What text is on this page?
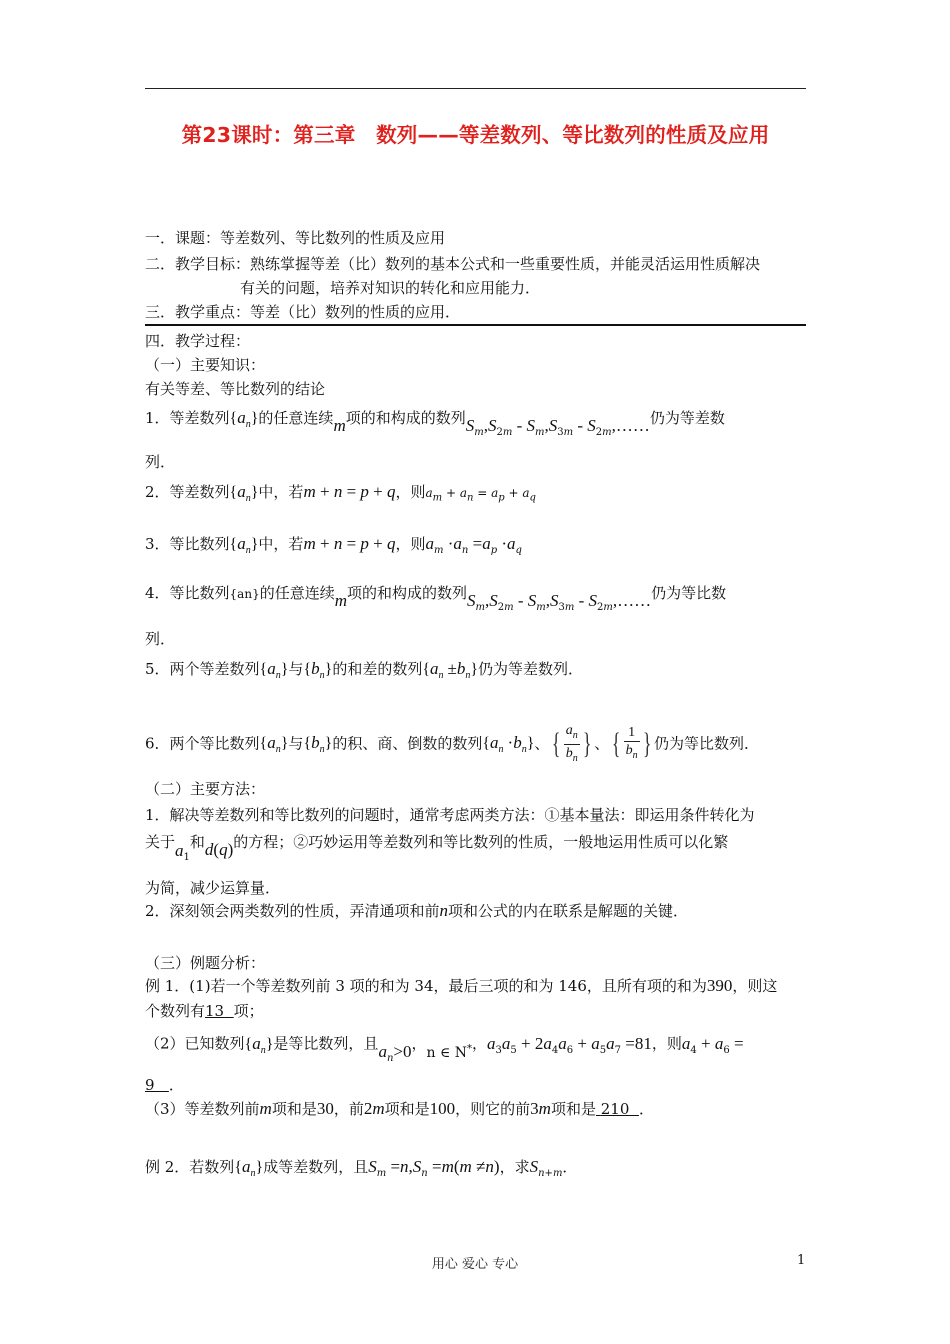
第23课时：第三章　数列——等差数列、等比数列的性质及应用
一．课题：等差数列、等比数列的性质及应用
二．教学目标：熟练掌握等差（比）数列的基本公式和一些重要性质，并能灵活运用性质解决
有关的问题，培养对知识的转化和应用能力．
三．教学重点：等差（比）数列的性质的应用．
四．教学过程：
（一）主要知识：
有关等差、等比数列的结论
1．等差数列$\{a_n\}$的任意连续m项的和构成的数列$S_m,S_{2m} - S_m,S_{3m}$ - $S_{2m},\dots\dots$仍为等差数
列．
2．等差数列$\{a_n\}$中，若m + n = p + q，则$a_m + a_n = a_p + a_q$
3．等比数列$\{a_n\}$中，若m + n = p + q，则$a_m \cdot a_n =a_p \cdot a_q$
4．等比数列{an}的任意连续m项的和构成的数列$S_m,S_{2m} - S_m,S_{3m}$ - $S_{2m},\dots\dots$仍为等比数
列．
5．两个等差数列$\{a_n\}$与$\{b_n\}$的和差的数列$\{a_n \pm b_n\}$仍为等差数列．
6．两个等比数列$\{a_n\}$与$\{b_n\}$的积、商、倒数的数列$\{a_n \cdot b_n\}$、{ $\frac{a_n}{b_n}$ } 、{ $\frac{1}{b_n}$ } 仍为等比数列．
（二）主要方法：
1．解决等差数列和等比数列的问题时，通常考虑两类方法：①基本量法：即运用条件转化为
关于$a_1$和d(q)的方程；②巧妙运用等差数列和等比数列的性质，一般地运用性质可以化繁
为简，减少运算量．
2．深刻领会两类数列的性质，弄清通项和前n项和公式的内在联系是解题的关键．
（三）例题分析：
例 1．(1)若一个等差数列前 3 项的和为 34，最后三项的和为 146，且所有项的和为390，则这
个数列有13 项；
（2）已知数列$\{a_n\}$是等比数列，且$a_n>0$，n ∈ N*，$a_3a_5 + 2a_4a_6 + a_5a_7 =81$，则$a_4 + a_6$ =
9 ．
（3）等差数列前m项和是30，前2m项和是100，则它的前3m项和是 210 ．
例 2．若数列$\{a_n\}$成等差数列，且$S_m =n,S_n =m(m \ne n)$，求$S_{n+m}$．
用心 爱心 专心	1
